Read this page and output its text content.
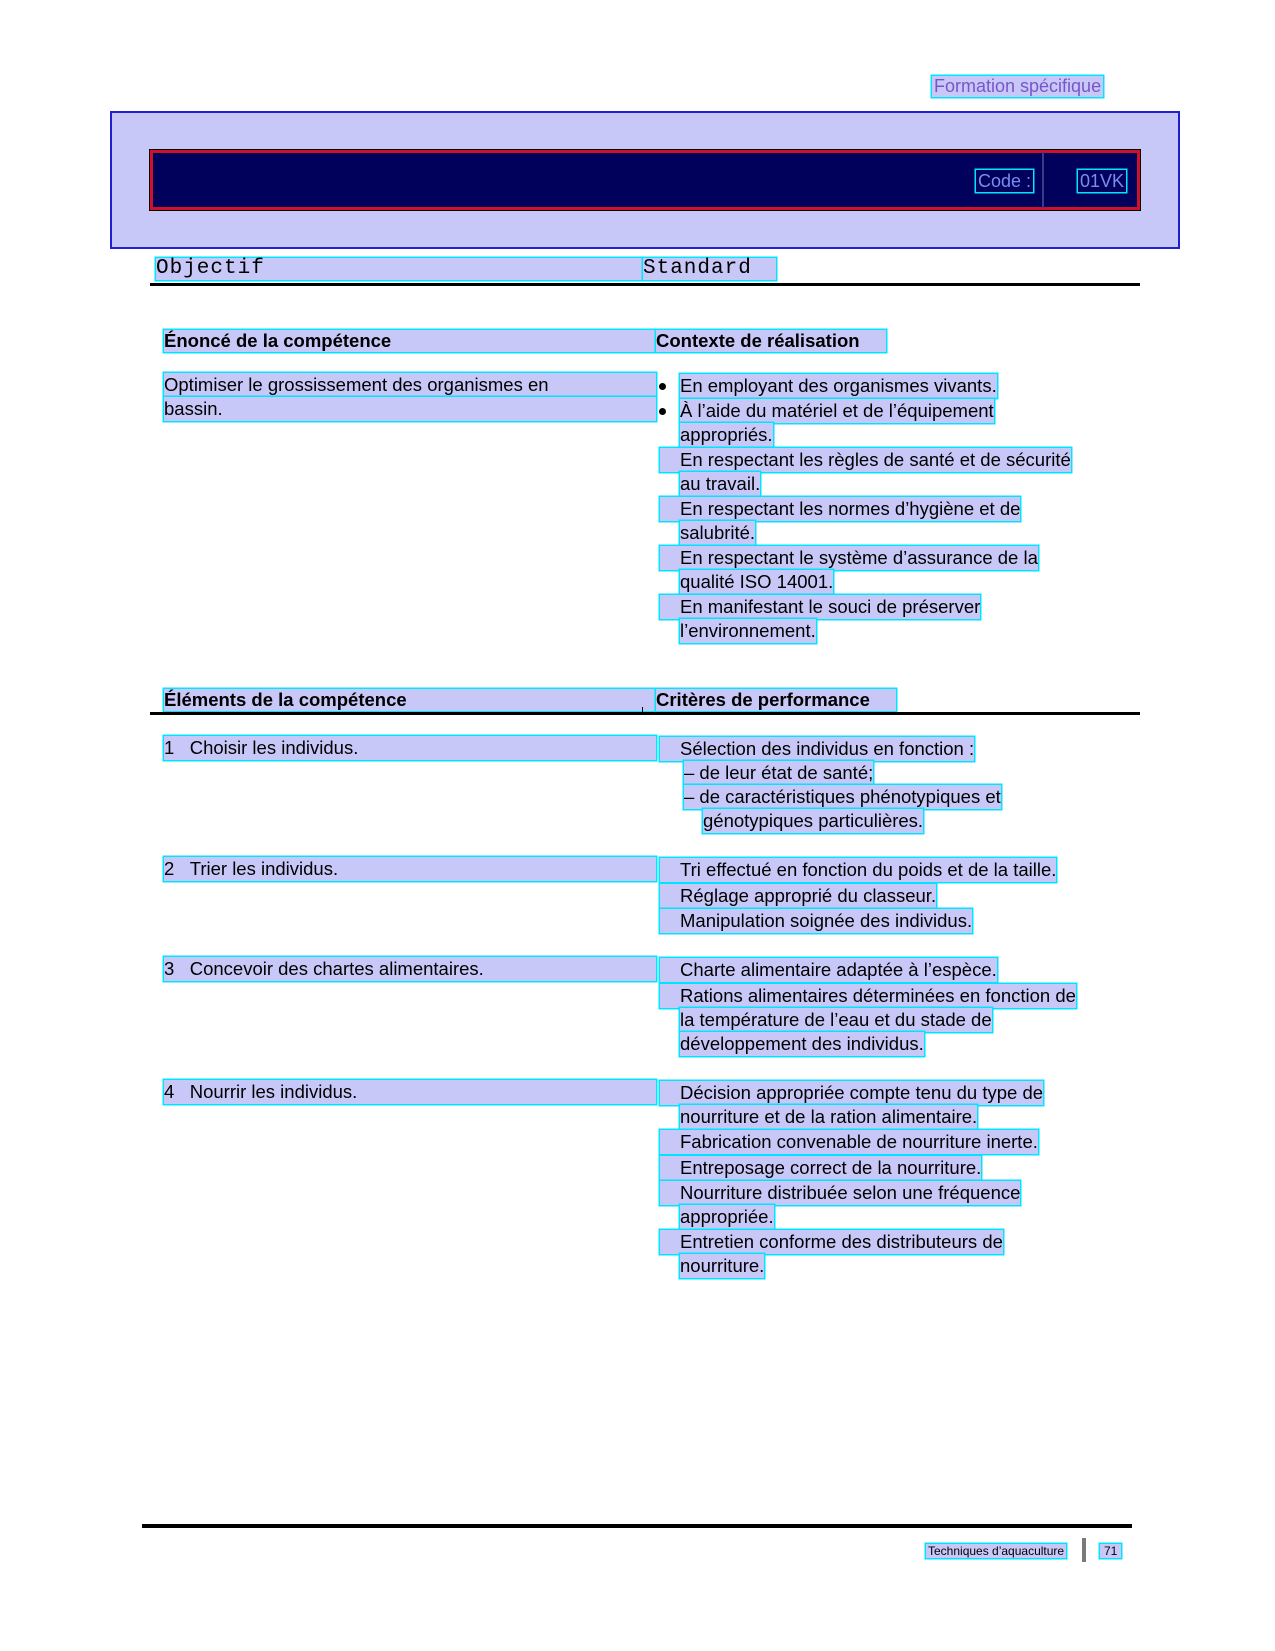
Formation spécifique
Code :	01VK
Objectif	Standard
Énoncé de la compétence	Contexte de réalisation
Optimiser le grossissement des organismes en
bassin.
En employant des organismes vivants.
À l’aide du matériel et de l’équipement
appropriés.
En respectant les règles de santé et de sécurité
au travail.
En respectant les normes d’hygiène et de
salubrité.
En respectant le système d’assurance de la
qualité ISO 14001.
En manifestant le souci de préserver
l’environnement.
Éléments de la compétence	Critères de performance
1 Choisir les individus.	Sélection des individus en fonction :
– de leur état de santé;
– de caractéristiques phénotypiques et
génotypiques particulières.
2 Trier les individus.	Tri effectué en fonction du poids et de la taille.
Réglage approprié du classeur.
Manipulation soignée des individus.
3 Concevoir des chartes alimentaires.	Charte alimentaire adaptée à l’espèce.
Rations alimentaires déterminées en fonction de
la température de l’eau et du stade de
développement des individus.
4 Nourrir les individus.	Décision appropriée compte tenu du type de
nourriture et de la ration alimentaire.
Fabrication convenable de nourriture inerte.
Entreposage correct de la nourriture.
Nourriture distribuée selon une fréquence
appropriée.
Entretien conforme des distributeurs de
nourriture.
Techniques d’aquaculture	71
